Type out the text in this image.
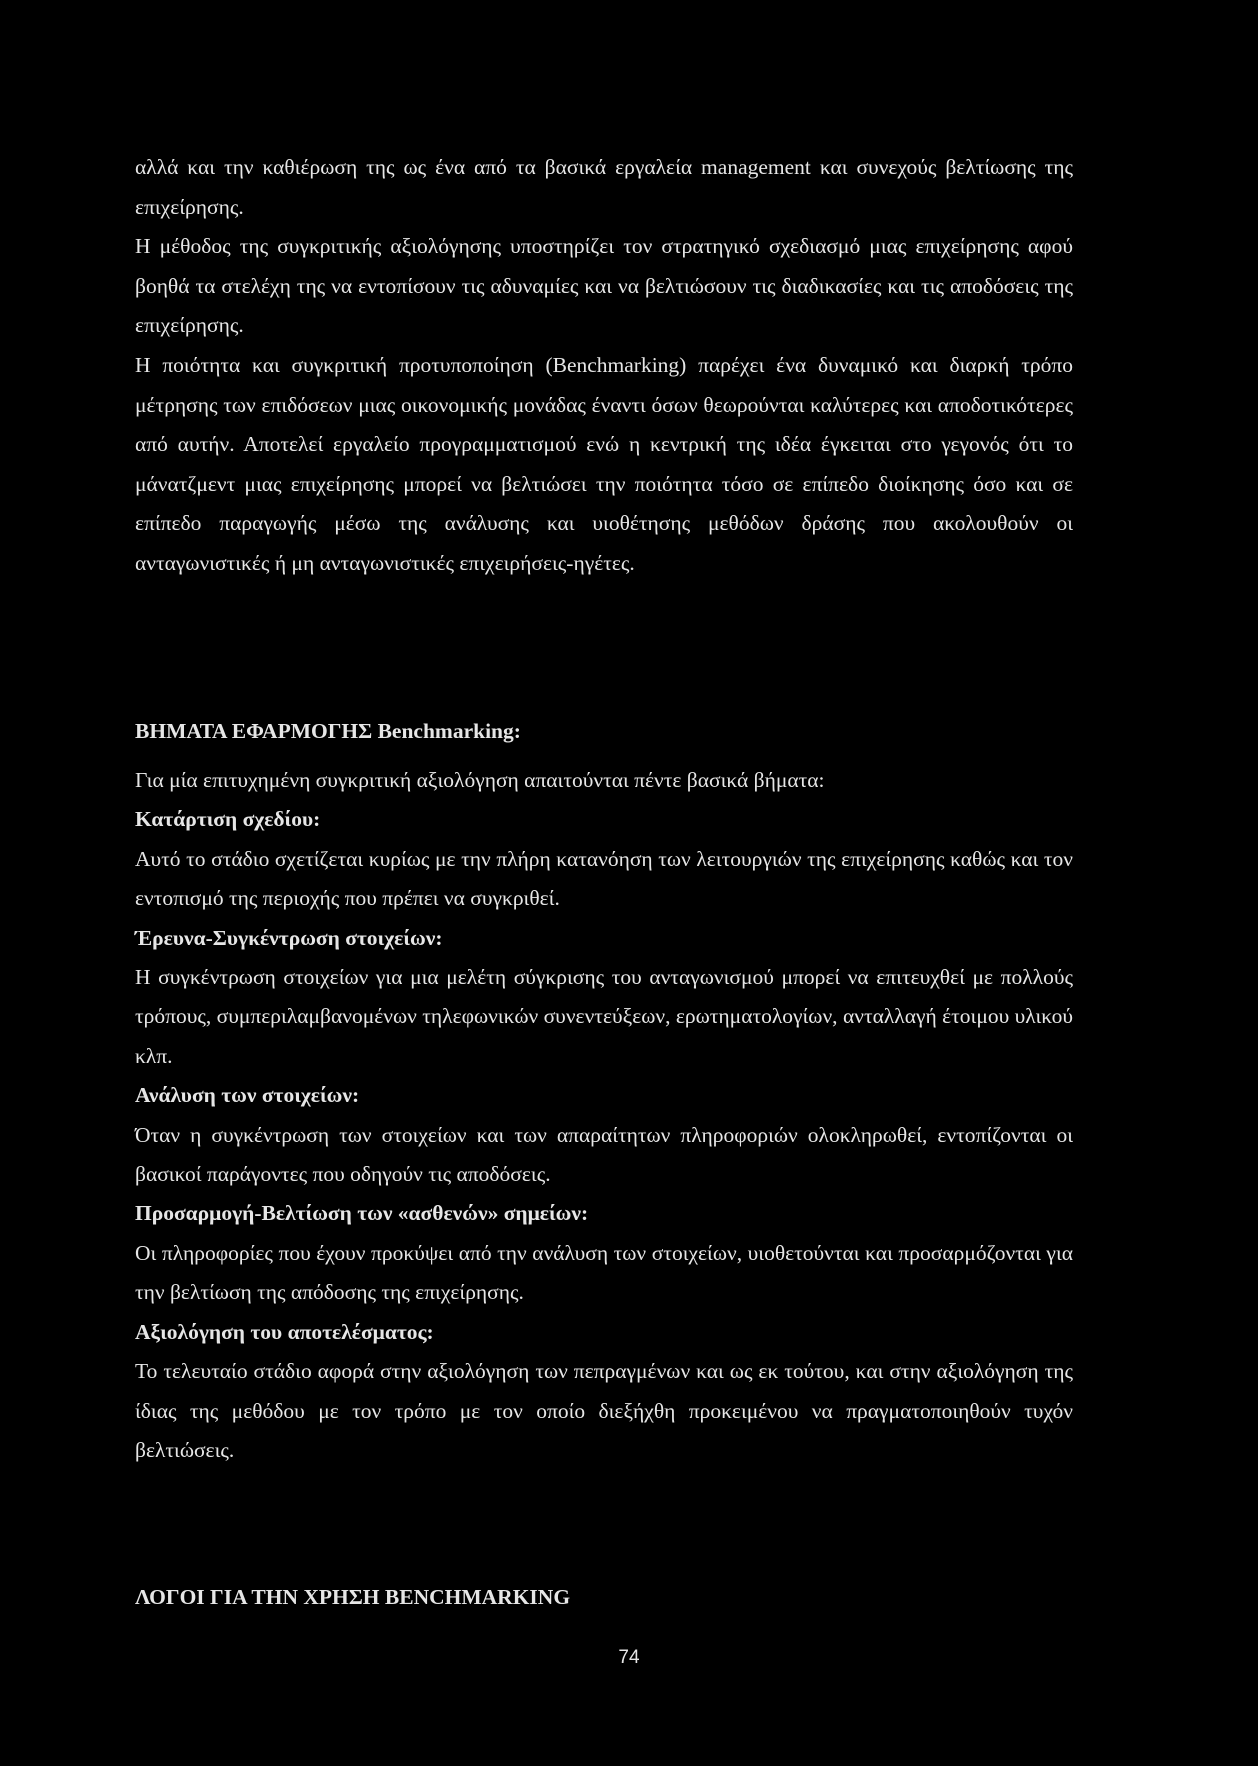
αλλά και την καθιέρωση της ως ένα από τα βασικά εργαλεία management και συνεχούς βελτίωσης της επιχείρησης.

Η μέθοδος της συγκριτικής αξιολόγησης υποστηρίζει τον στρατηγικό σχεδιασμό μιας επιχείρησης αφού βοηθά τα στελέχη της να εντοπίσουν τις αδυναμίες και να βελτιώσουν τις διαδικασίες και τις αποδόσεις της επιχείρησης.

Η ποιότητα και συγκριτική προτυποποίηση (Benchmarking) παρέχει ένα δυναμικό και διαρκή τρόπο μέτρησης των επιδόσεων μιας οικονομικής μονάδας έναντι όσων θεωρούνται καλύτερες και αποδοτικότερες από αυτήν. Αποτελεί εργαλείο προγραμματισμού ενώ η κεντρική της ιδέα έγκειται στο γεγονός ότι το μάνατζμεντ μιας επιχείρησης μπορεί να βελτιώσει την ποιότητα τόσο σε επίπεδο διοίκησης όσο και σε επίπεδο παραγωγής μέσω της ανάλυσης και υιοθέτησης μεθόδων δράσης που ακολουθούν οι ανταγωνιστικές ή μη ανταγωνιστικές επιχειρήσεις-ηγέτες.

ΒΗΜΑΤΑ ΕΦΑΡΜΟΓΗΣ Benchmarking:

Για μία επιτυχημένη συγκριτική αξιολόγηση απαιτούνται πέντε βασικά βήματα:

Κατάρτιση σχεδίου:

Αυτό το στάδιο σχετίζεται κυρίως με την πλήρη κατανόηση των λειτουργιών της επιχείρησης καθώς και τον εντοπισμό της περιοχής που πρέπει να συγκριθεί.

Έρευνα-Συγκέντρωση στοιχείων:

Η συγκέντρωση στοιχείων για μια μελέτη σύγκρισης του ανταγωνισμού μπορεί να επιτευχθεί με πολλούς τρόπους, συμπεριλαμβανομένων τηλεφωνικών συνεντεύξεων, ερωτηματολογίων, ανταλλαγή έτοιμου υλικού κλπ.

Ανάλυση των στοιχείων:

Όταν η συγκέντρωση των στοιχείων και των απαραίτητων πληροφοριών ολοκληρωθεί, εντοπίζονται οι βασικοί παράγοντες που οδηγούν τις αποδόσεις.

Προσαρμογή-Βελτίωση των «ασθενών» σημείων:

Οι πληροφορίες που έχουν προκύψει από την ανάλυση των στοιχείων, υιοθετούνται και προσαρμόζονται για την βελτίωση της απόδοσης της επιχείρησης.

Αξιολόγηση του αποτελέσματος:

Το τελευταίο στάδιο αφορά στην αξιολόγηση των πεπραγμένων και ως εκ τούτου, και στην αξιολόγηση της ίδιας της μεθόδου με τον τρόπο με τον οποίο διεξήχθη προκειμένου να πραγματοποιηθούν τυχόν βελτιώσεις.

ΛΟΓΟΙ ΓΙΑ ΤΗΝ ΧΡΗΣΗ BENCHMARKING

74
